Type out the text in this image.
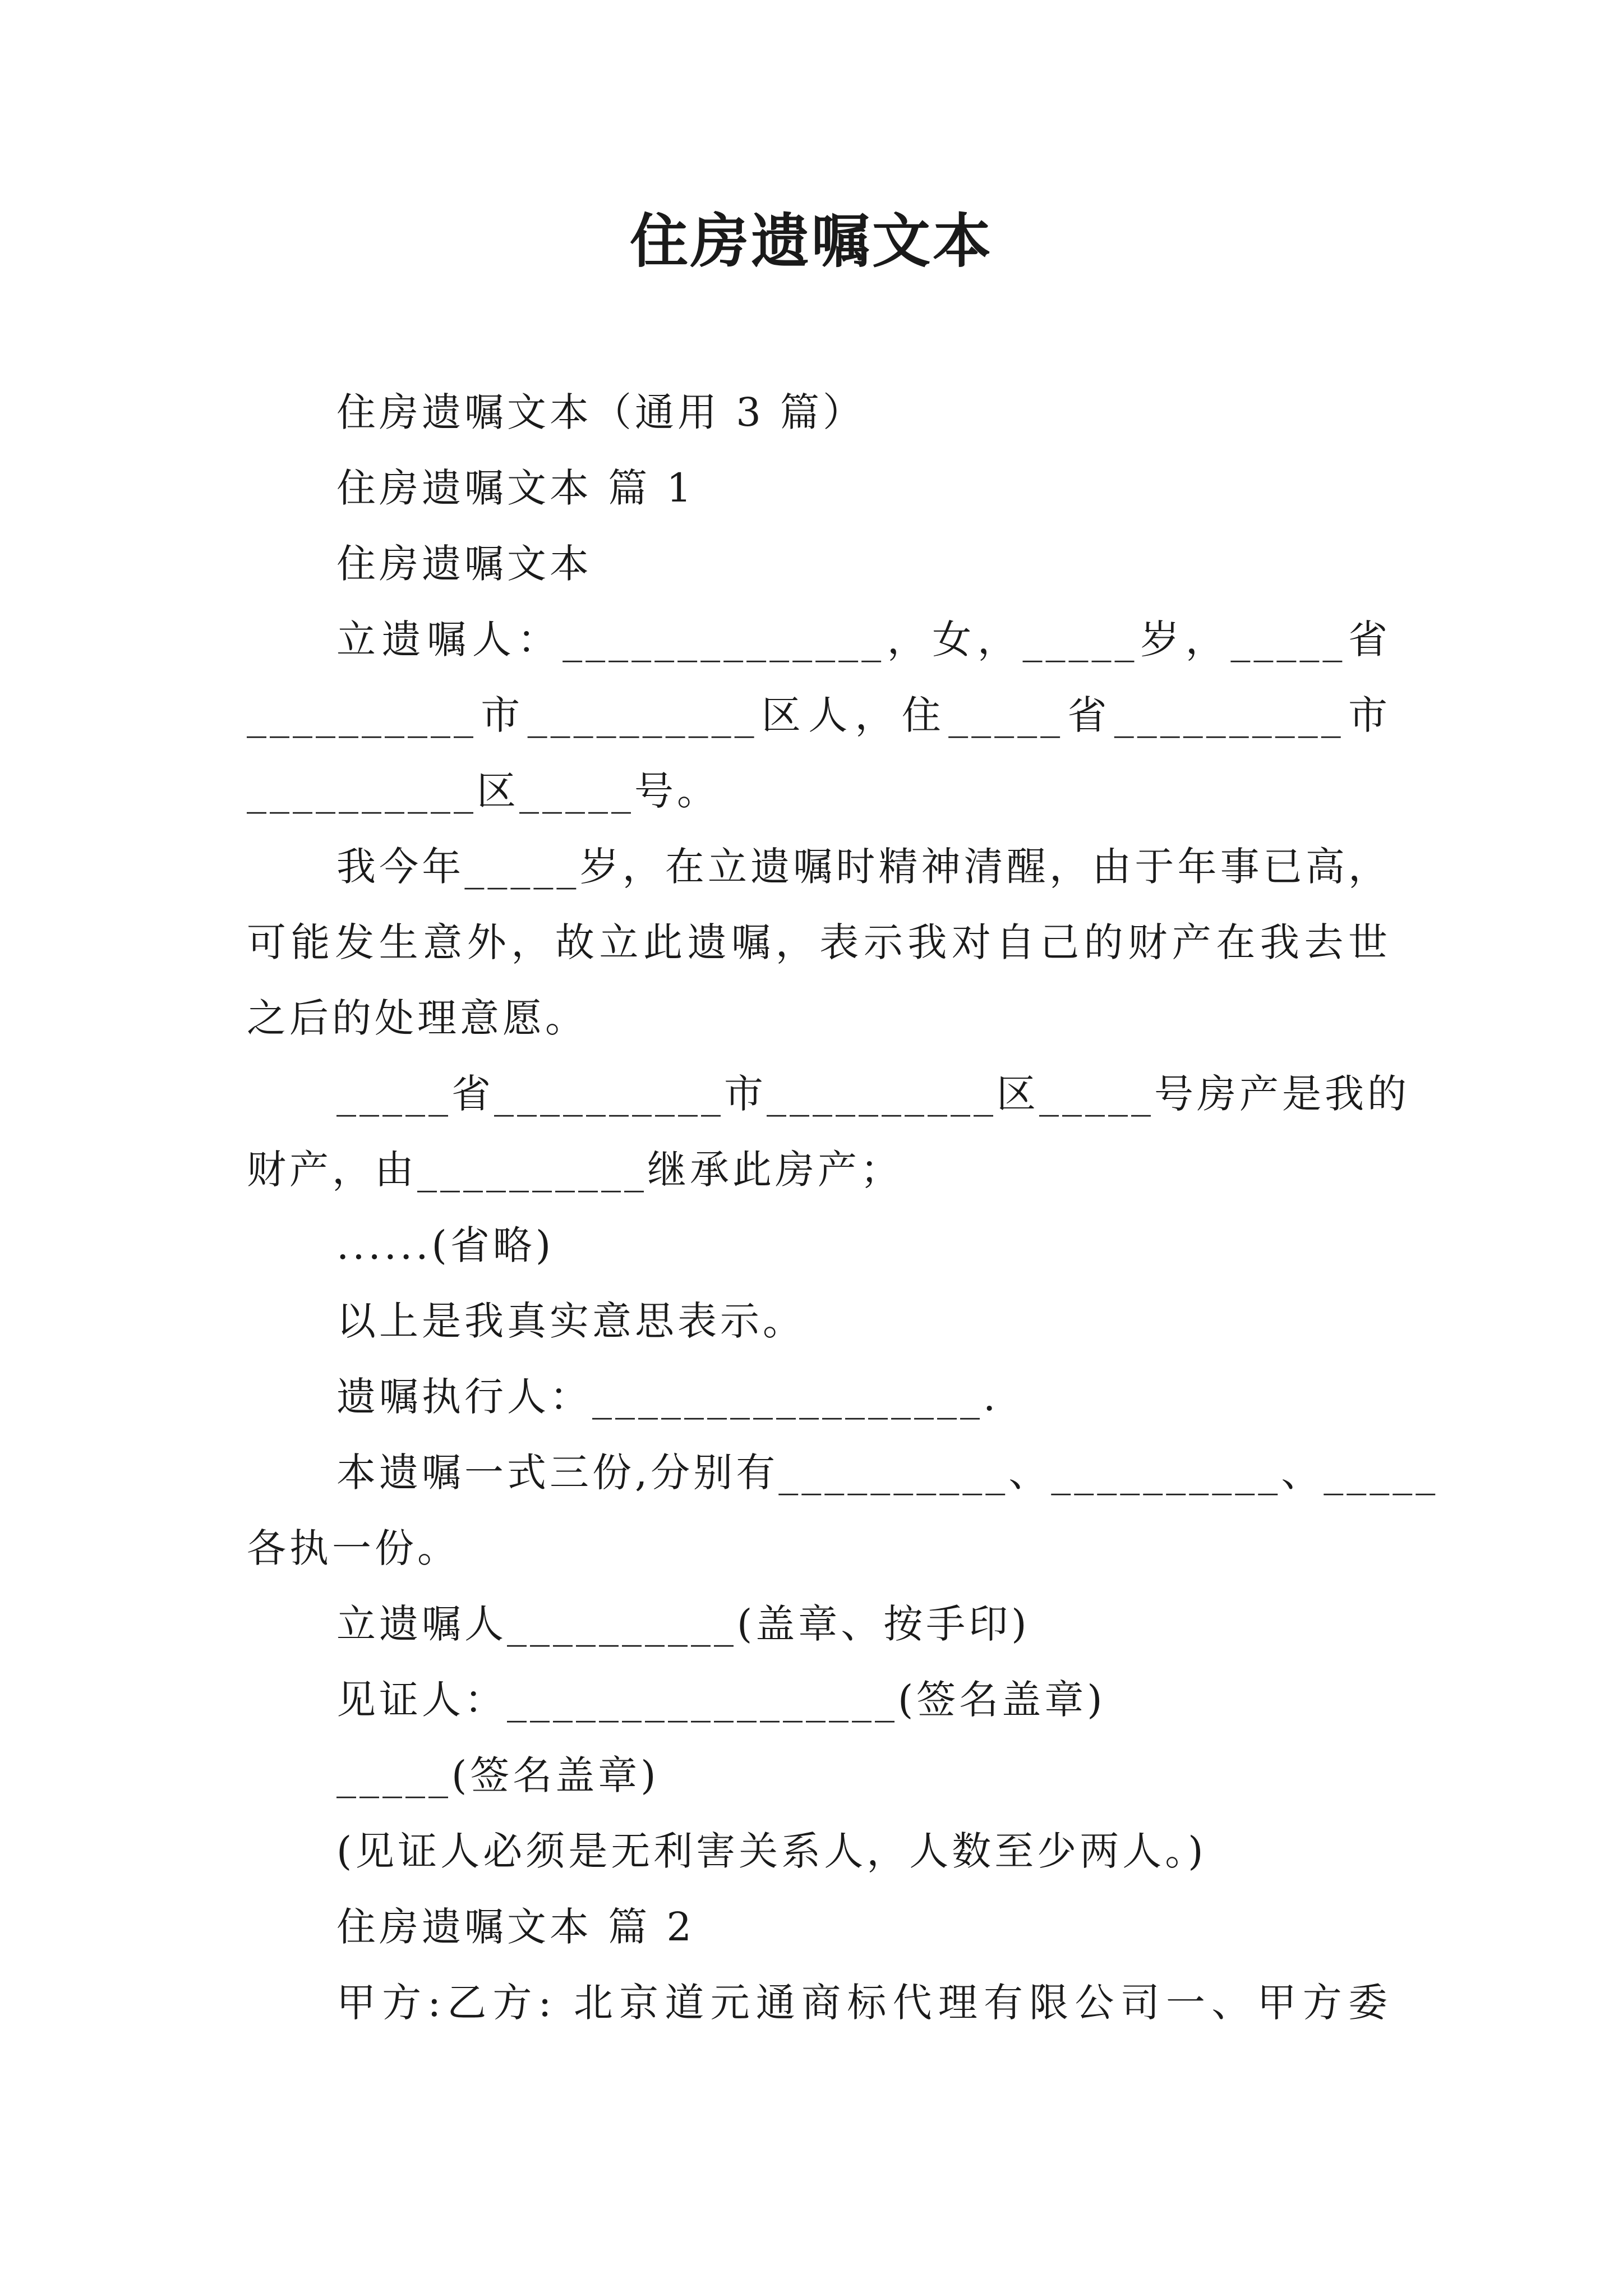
住房遗嘱文本
住房遗嘱文本（通用 3 篇）
住房遗嘱文本 篇 1
住房遗嘱文本
立遗嘱人：______________，女，_____岁，_____省
__________市__________区人，住_____省__________市
__________区_____号。
我今年_____岁，在立遗嘱时精神清醒，由于年事已高，
可能发生意外，故立此遗嘱，表示我对自己的财产在我去世
之后的处理意愿。
_____省__________市__________区_____号房产是我的
财产，由__________继承此房产；
......(省略)
以上是我真实意思表示。
遗嘱执行人：_________________.
本遗嘱一式三份,分别有__________、__________、_____
各执一份。
立遗嘱人__________(盖章、按手印)
见证人：_________________(签名盖章)
_____(签名盖章)
(见证人必须是无利害关系人，人数至少两人。)
住房遗嘱文本 篇 2
甲方:乙方: 北京道元通商标代理有限公司一、甲方委
